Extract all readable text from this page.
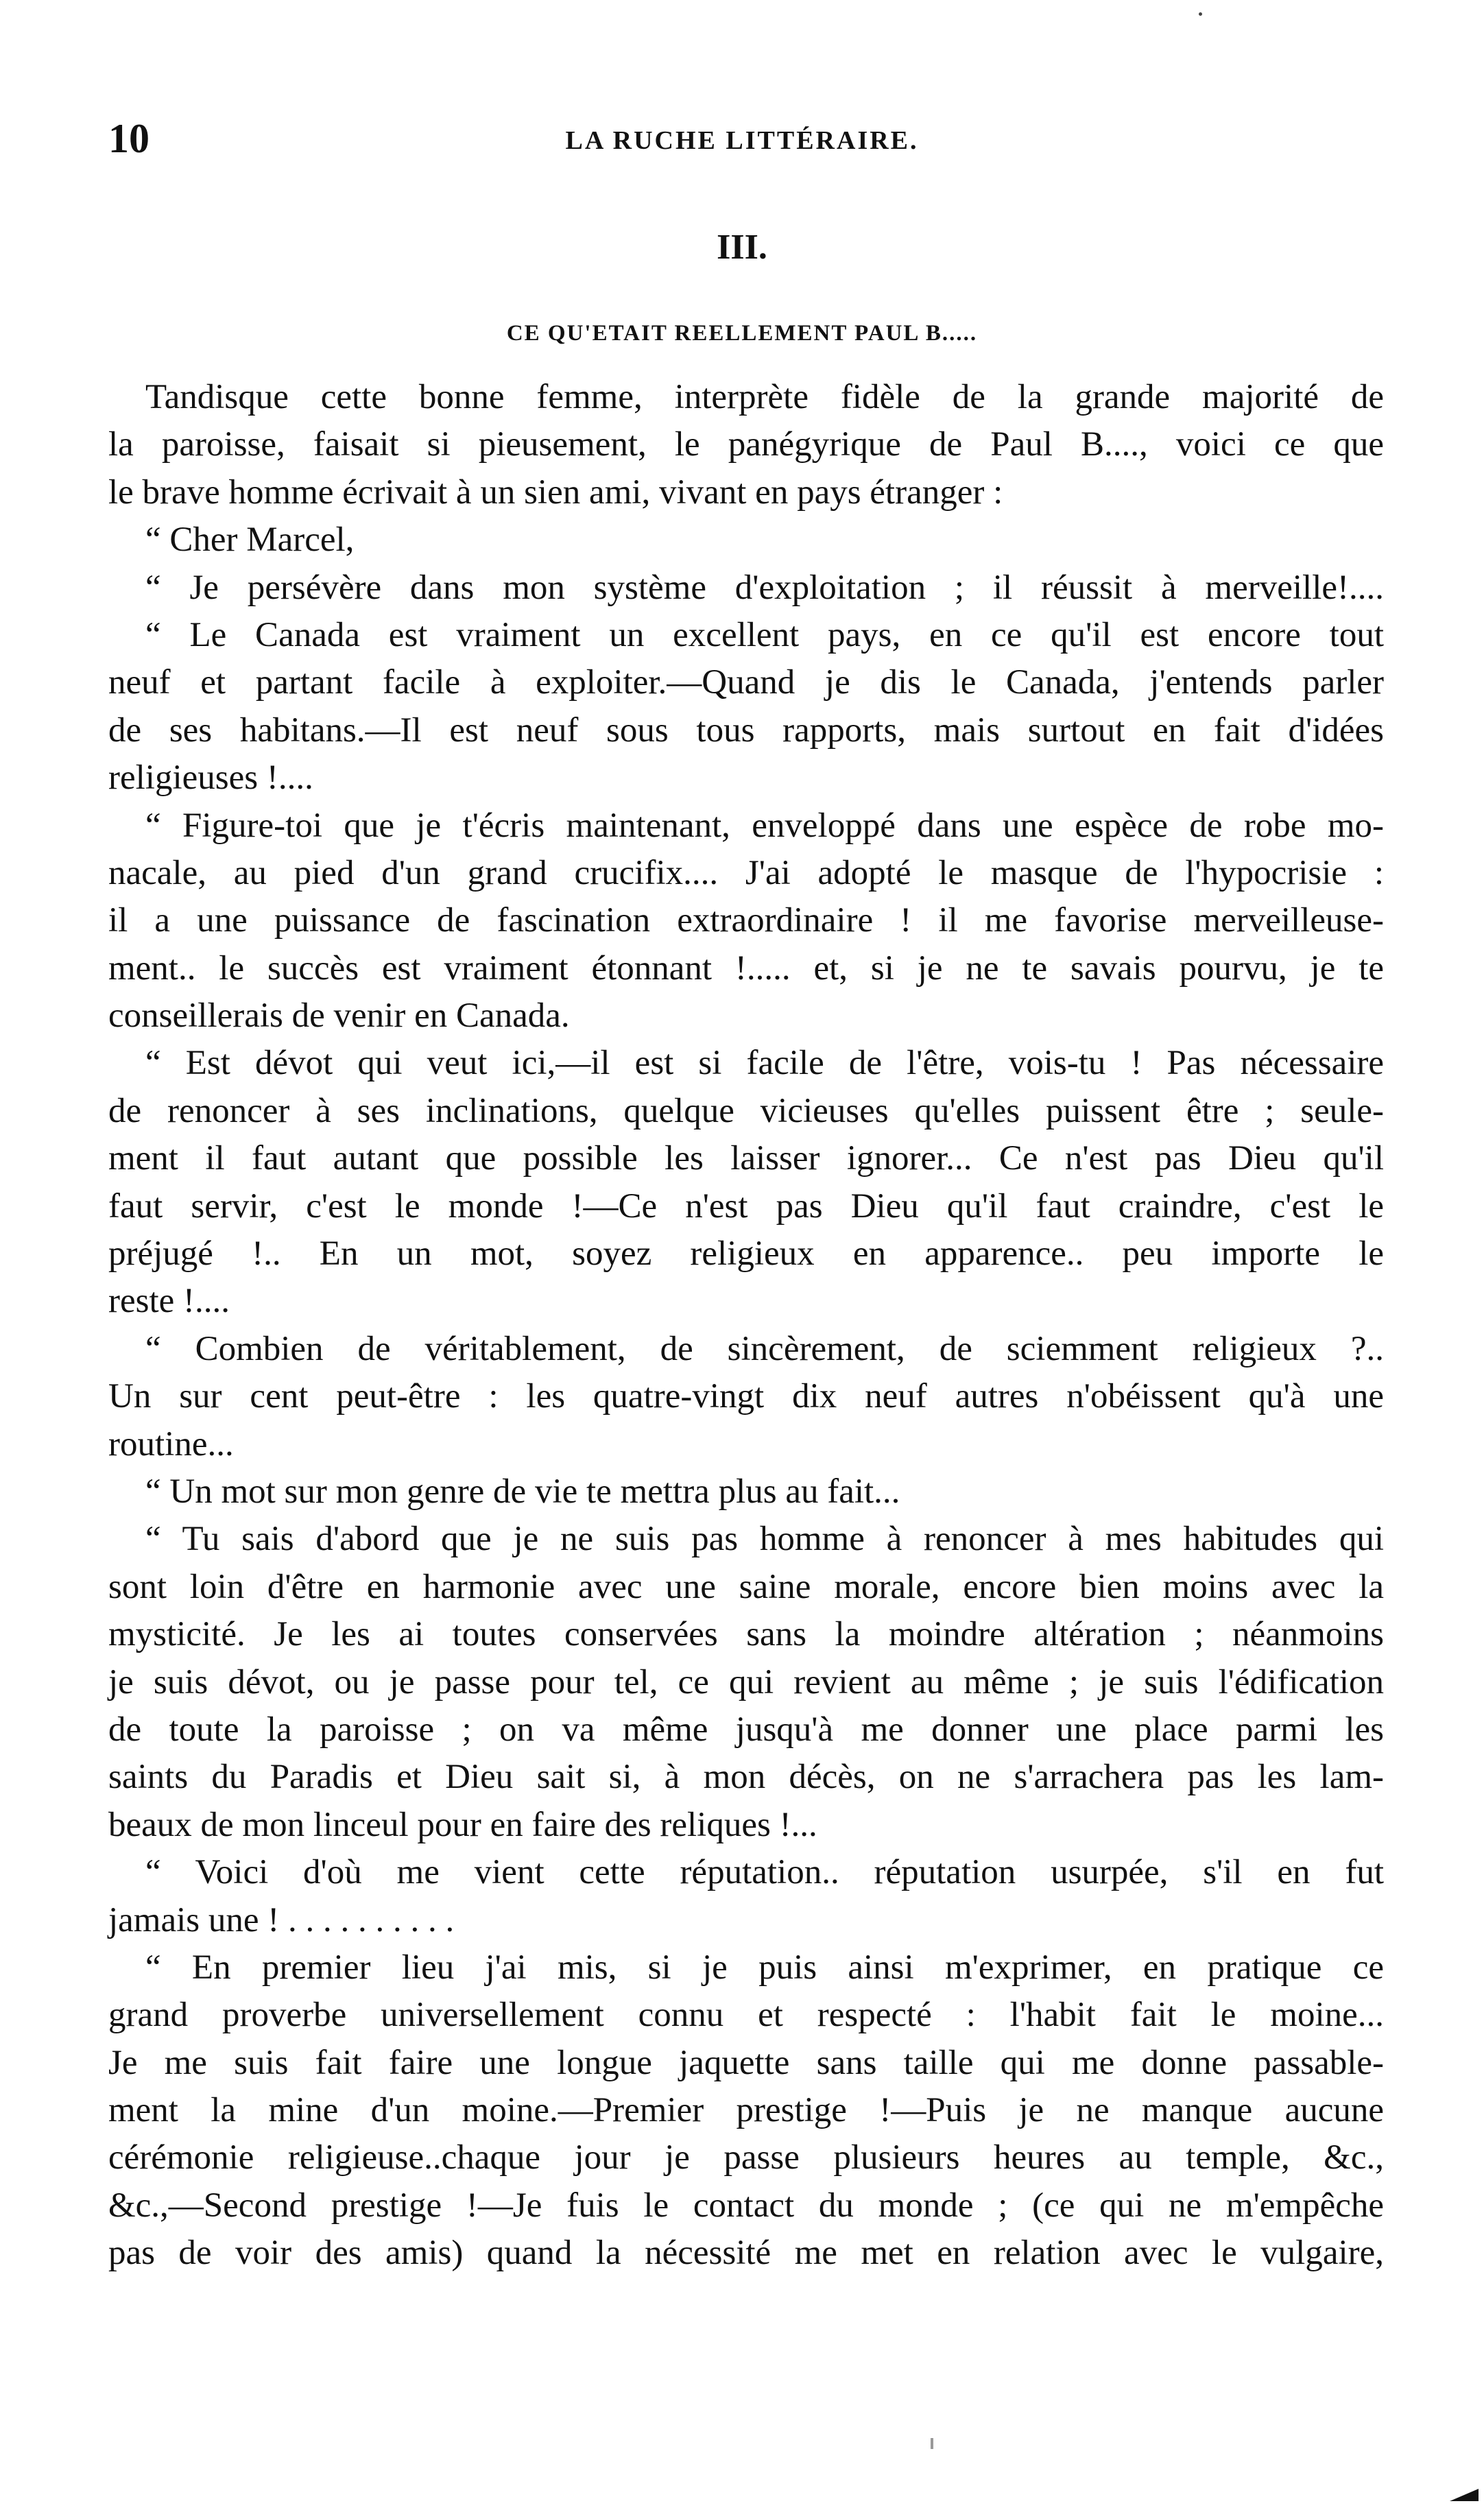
10	LA RUCHE LITTÉRAIRE.
III.
CE QU'ETAIT REELLEMENT PAUL B.....
Tandisque cette bonne femme, interprète fidèle de la grande majorité de
la paroisse, faisait si pieusement, le panégyrique de Paul B...., voici ce que
le brave homme écrivait à un sien ami, vivant en pays étranger :
“ Cher Marcel,
“ Je persévère dans mon système d'exploitation ; il réussit à merveille!....
“ Le Canada est vraiment un excellent pays, en ce qu'il est encore tout
neuf et partant facile à exploiter.—Quand je dis le Canada, j'entends parler
de ses habitans.—Il est neuf sous tous rapports, mais surtout en fait d'idées
religieuses !....
“ Figure-toi que je t'écris maintenant, enveloppé dans une espèce de robe mo-
nacale, au pied d'un grand crucifix.... J'ai adopté le masque de l'hypocrisie :
il a une puissance de fascination extraordinaire ! il me favorise merveilleuse-
ment.. le succès est vraiment étonnant !..... et, si je ne te savais pourvu, je te
conseillerais de venir en Canada.
“ Est dévot qui veut ici,—il est si facile de l'être, vois-tu ! Pas nécessaire
de renoncer à ses inclinations, quelque vicieuses qu'elles puissent être ; seule-
ment il faut autant que possible les laisser ignorer... Ce n'est pas Dieu qu'il
faut servir, c'est le monde !—Ce n'est pas Dieu qu'il faut craindre, c'est le
préjugé !.. En un mot, soyez religieux en apparence.. peu importe le
reste !....
“ Combien de véritablement, de sincèrement, de sciemment religieux ?..
Un sur cent peut-être : les quatre-vingt dix neuf autres n'obéissent qu'à une
routine...
“ Un mot sur mon genre de vie te mettra plus au fait...
“ Tu sais d'abord que je ne suis pas homme à renoncer à mes habitudes qui
sont loin d'être en harmonie avec une saine morale, encore bien moins avec la
mysticité. Je les ai toutes conservées sans la moindre altération ; néanmoins
je suis dévot, ou je passe pour tel, ce qui revient au même ; je suis l'édification
de toute la paroisse ; on va même jusqu'à me donner une place parmi les
saints du Paradis et Dieu sait si, à mon décès, on ne s'arrachera pas les lam-
beaux de mon linceul pour en faire des reliques !...
“ Voici d'où me vient cette réputation.. réputation usurpée, s'il en fut
jamais une ! . . . . . . . . . .
“ En premier lieu j'ai mis, si je puis ainsi m'exprimer, en pratique ce
grand proverbe universellement connu et respecté : l'habit fait le moine...
Je me suis fait faire une longue jaquette sans taille qui me donne passable-
ment la mine d'un moine.—Premier prestige !—Puis je ne manque aucune
cérémonie religieuse..chaque jour je passe plusieurs heures au temple, &c.,
&c.,—Second prestige !—Je fuis le contact du monde ; (ce qui ne m'empêche
pas de voir des amis) quand la nécessité me met en relation avec le vulgaire,
